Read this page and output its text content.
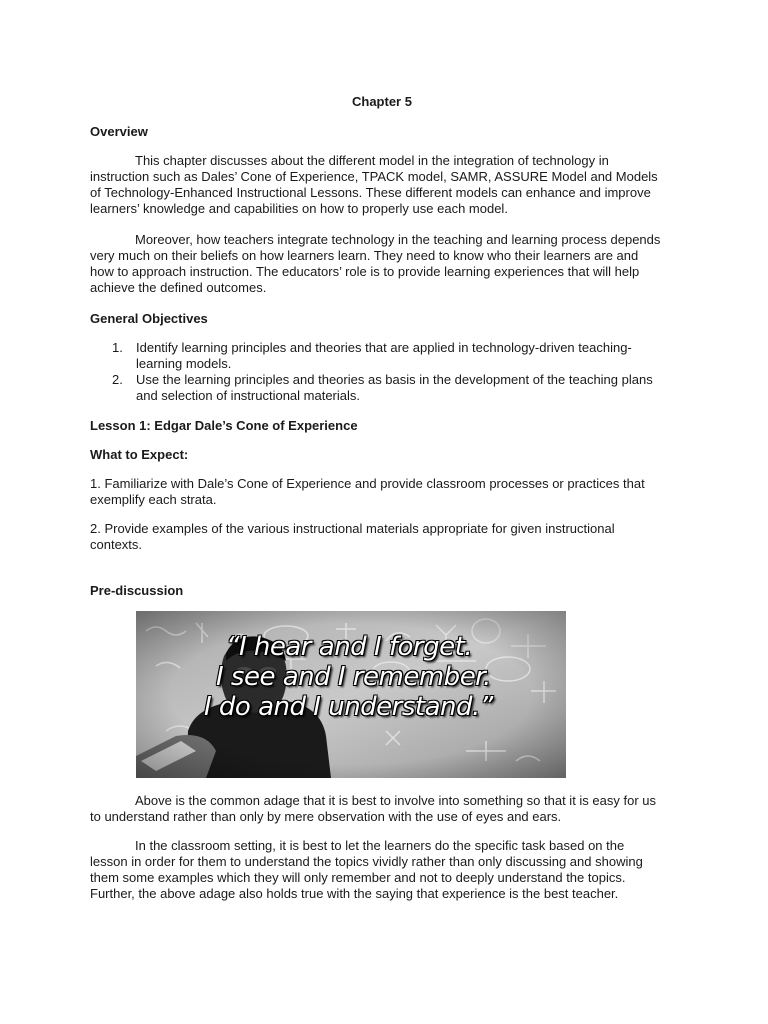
Chapter 5
Overview

This chapter discusses about the different model in the integration of technology in instruction such as Dales’ Cone of Experience, TPACK model, SAMR, ASSURE Model and Models of Technology-Enhanced Instructional Lessons. These different models can enhance and improve learners’ knowledge and capabilities on how to properly use each model.

Moreover, how teachers integrate technology in the teaching and learning process depends very much on their beliefs on how learners learn. They need to know who their learners are and how to approach instruction. The educators’ role is to provide learning experiences that will help achieve the defined outcomes.

General Objectives
1. Identify learning principles and theories that are applied in technology-driven teaching-learning models.
2. Use the learning principles and theories as basis in the development of the teaching plans and selection of instructional materials.
Lesson 1: Edgar Dale’s Cone of Experience
What to Expect:

1. Familiarize with Dale’s Cone of Experience and provide classroom processes or practices that exemplify each strata.

2. Provide examples of the various instructional materials appropriate for given instructional contexts.

Pre-discussion
“I hear and I forget.
I see and I remember.
I do and I understand.”

Above is the common adage that it is best to involve into something so that it is easy for us to understand rather than only by mere observation with the use of eyes and ears.

In the classroom setting, it is best to let the learners do the specific task based on the lesson in order for them to understand the topics vividly rather than only discussing and showing them some examples which they will only remember and not to deeply understand the topics. Further, the above adage also holds true with the saying that experience is the best teacher.
